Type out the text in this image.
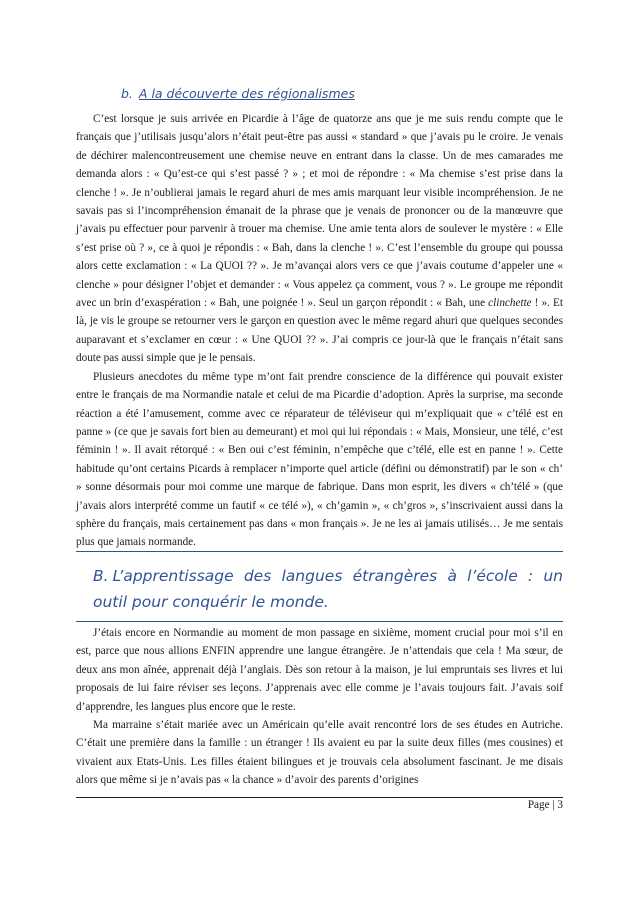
b. A la découverte des régionalismes

C’est lorsque je suis arrivée en Picardie à l’âge de quatorze ans que je me suis rendu compte que le français que j’utilisais jusqu’alors n’était peut-être pas aussi « standard » que j’avais pu le croire. Je venais de déchirer malencontreusement une chemise neuve en entrant dans la classe. Un de mes camarades me demanda alors : « Qu’est-ce qui s’est passé ? » ; et moi de répondre : « Ma chemise s’est prise dans la clenche ! ». Je n’oublierai jamais le regard ahuri de mes amis marquant leur visible incompréhension. Je ne savais pas si l’incompréhension émanait de la phrase que je venais de prononcer ou de la manœuvre que j’avais pu effectuer pour parvenir à trouer ma chemise. Une amie tenta alors de soulever le mystère : « Elle s’est prise où ? », ce à quoi je répondis : « Bah, dans la clenche ! ». C’est l’ensemble du groupe qui poussa alors cette exclamation : « La QUOI ?? ». Je m’avançai alors vers ce que j’avais coutume d’appeler une « clenche » pour désigner l’objet et demander : « Vous appelez ça comment, vous ? ». Le groupe me répondit avec un brin d’exaspération : « Bah, une poignée ! ». Seul un garçon répondit : « Bah, une clinchette ! ». Et là, je vis le groupe se retourner vers le garçon en question avec le même regard ahuri que quelques secondes auparavant et s’exclamer en cœur : « Une QUOI ?? ». J’ai compris ce jour-là que le français n’était sans doute pas aussi simple que je le pensais.

Plusieurs anecdotes du même type m’ont fait prendre conscience de la différence qui pouvait exister entre le français de ma Normandie natale et celui de ma Picardie d’adoption. Après la surprise, ma seconde réaction a été l’amusement, comme avec ce réparateur de téléviseur qui m’expliquait que « c’télé est en panne » (ce que je savais fort bien au demeurant) et moi qui lui répondais : « Mais, Monsieur, une télé, c’est féminin ! ». Il avait rétorqué : « Ben oui c’est féminin, n’empêche que c’télé, elle est en panne ! ». Cette habitude qu’ont certains Picards à remplacer n’importe quel article (défini ou démonstratif) par le son « ch’ » sonne désormais pour moi comme une marque de fabrique. Dans mon esprit, les divers « ch’télé » (que j’avais alors interprété comme un fautif « ce télé »), « ch’gamin », « ch’gros », s’inscrivaient aussi dans la sphère du français, mais certainement pas dans « mon français ». Je ne les ai jamais utilisés… Je me sentais plus que jamais normande.

B. L’apprentissage des langues étrangères à l’école : un outil pour conquérir le monde.

J’étais encore en Normandie au moment de mon passage en sixième, moment crucial pour moi s’il en est, parce que nous allions ENFIN apprendre une langue étrangère. Je n’attendais que cela ! Ma sœur, de deux ans mon aînée, apprenait déjà l’anglais. Dès son retour à la maison, je lui empruntais ses livres et lui proposais de lui faire réviser ses leçons. J’apprenais avec elle comme je l’avais toujours fait. J’avais soif d’apprendre, les langues plus encore que le reste.

Ma marraine s’était mariée avec un Américain qu’elle avait rencontré lors de ses études en Autriche. C’était une première dans la famille : un étranger ! Ils avaient eu par la suite deux filles (mes cousines) et vivaient aux Etats-Unis. Les filles étaient bilingues et je trouvais cela absolument fascinant. Je me disais alors que même si je n’avais pas « la chance » d’avoir des parents d’origines

Page | 3
